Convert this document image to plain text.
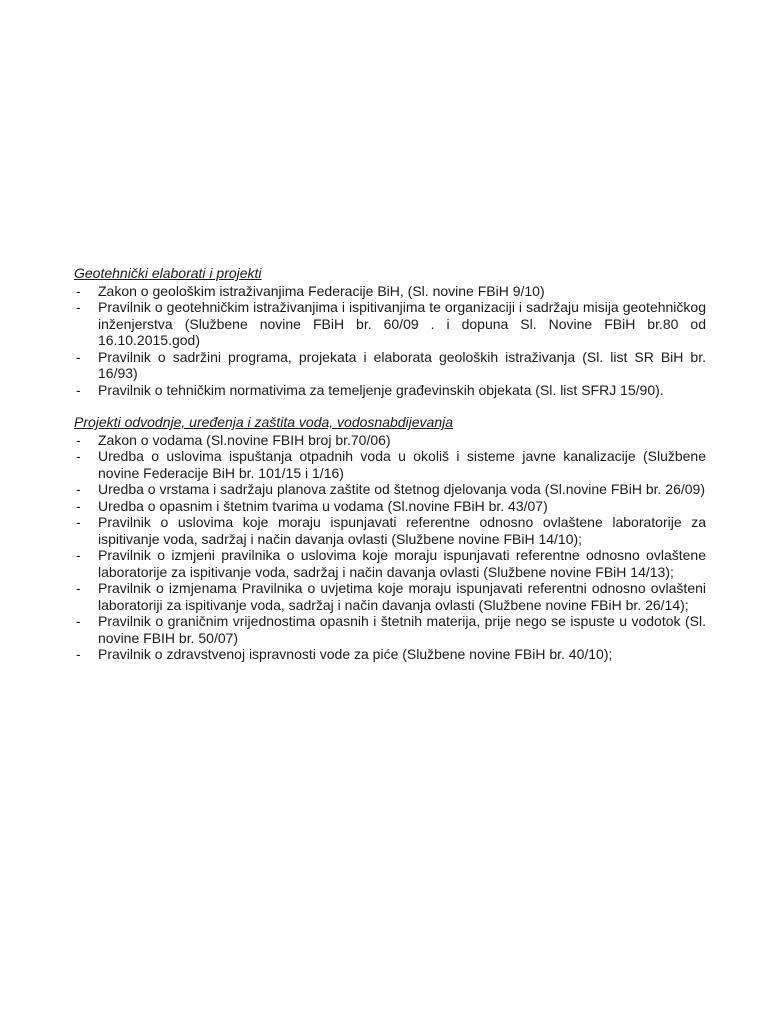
Geotehnički elaborati i projekti

- Zakon o geološkim istraživanjima Federacije BiH, (Sl. novine FBiH 9/10)
- Pravilnik o geotehničkim istraživanjima i ispitivanjima te organizaciji i sadržaju misija geotehničkog inženjerstva (Službene novine FBiH br. 60/09 . i dopuna Sl. Novine FBiH br.80 od 16.10.2015.god)
- Pravilnik o sadržini programa, projekata i elaborata geoloških istraživanja (Sl. list SR BiH br. 16/93)
- Pravilnik o tehničkim normativima za temeljenje građevinskih objekata (Sl. list SFRJ 15/90).

Projekti odvodnje, uređenja i zaštita voda, vodosnabdijevanja

- Zakon o vodama (Sl.novine FBIH broj br.70/06)
- Uredba o uslovima ispuštanja otpadnih voda u okoliš i sisteme javne kanalizacije (Službene novine Federacije BiH br. 101/15 i 1/16)
- Uredba o vrstama i sadržaju planova zaštite od štetnog djelovanja voda (Sl.novine FBiH br. 26/09)
- Uredba o opasnim i štetnim tvarima u vodama (Sl.novine FBiH br. 43/07)
- Pravilnik o uslovima koje moraju ispunjavati referentne odnosno ovlaštene laboratorije za ispitivanje voda, sadržaj i način davanja ovlasti (Službene novine FBiH 14/10);
- Pravilnik o izmjeni pravilnika o uslovima koje moraju ispunjavati referentne odnosno ovlaštene laboratorije za ispitivanje voda, sadržaj i način davanja ovlasti (Službene novine FBiH 14/13);
- Pravilnik o izmjenama Pravilnika o uvjetima koje moraju ispunjavati referentni odnosno ovlašteni laboratoriji za ispitivanje voda, sadržaj i način davanja ovlasti (Službene novine FBiH br. 26/14);
- Pravilnik o graničnim vrijednostima opasnih i štetnih materija, prije nego se ispuste u vodotok (Sl. novine FBIH br. 50/07)
- Pravilnik o zdravstvenoj ispravnosti vode za piće (Službene novine FBiH br. 40/10);
